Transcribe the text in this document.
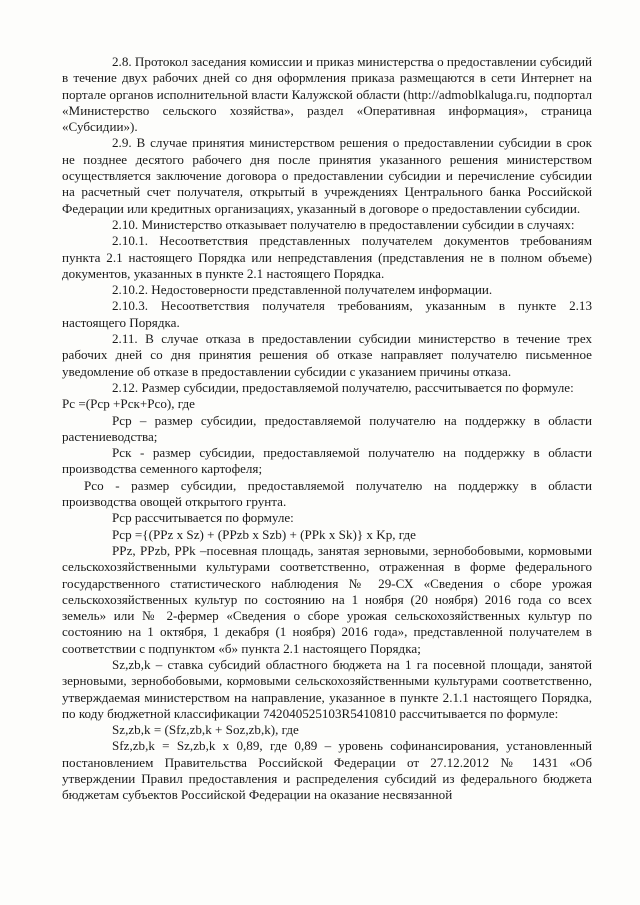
2.8. Протокол заседания комиссии и приказ министерства о предоставлении субсидий в течение двух рабочих дней со дня оформления приказа размещаются в сети Интернет на портале органов исполнительной власти Калужской области (http://admoblkaluga.ru, подпортал «Министерство сельского хозяйства», раздел «Оперативная информация», страница «Субсидии»).

2.9. В случае принятия министерством решения о предоставлении субсидии в срок не позднее десятого рабочего дня после принятия указанного решения министерством осуществляется заключение договора о предоставлении субсидии и перечисление субсидии на расчетный счет получателя, открытый в учреждениях Центрального банка Российской Федерации или кредитных организациях, указанный в договоре о предоставлении субсидии.

2.10. Министерство отказывает получателю в предоставлении субсидии в случаях:

2.10.1. Несоответствия представленных получателем документов требованиям пункта 2.1 настоящего Порядка или непредставления (представления не в полном объеме) документов, указанных в пункте 2.1 настоящего Порядка.

2.10.2. Недостоверности представленной получателем информации.

2.10.3. Несоответствия получателя требованиям, указанным в пункте 2.13 настоящего Порядка.

2.11. В случае отказа в предоставлении субсидии министерство в течение трех рабочих дней со дня принятия решения об отказе направляет получателю письменное уведомление об отказе в предоставлении субсидии с указанием причины отказа.

2.12. Размер субсидии, предоставляемой получателю, рассчитывается по формуле:

Рс =(Рср +Рск+Рсо), где

Рср – размер субсидии, предоставляемой получателю на поддержку в области растениеводства;

Рск - размер субсидии, предоставляемой получателю на поддержку в области производства семенного картофеля;

Рсо - размер субсидии, предоставляемой получателю на поддержку в области производства овощей открытого грунта.

Рср рассчитывается по формуле:

Рср ={(PPz x Sz) + (PPzb x Szb) + (PPk x Sk)} x Kp, где

PPz, PPzb, PPk –посевная площадь, занятая зерновыми, зернобобовыми, кормовыми сельскохозяйственными культурами соответственно, отраженная в форме федерального государственного статистического наблюдения № 29-СХ «Сведения о сборе урожая сельскохозяйственных культур по состоянию на 1 ноября (20 ноября) 2016 года со всех земель» или № 2-фермер «Сведения о сборе урожая сельскохозяйственных культур по состоянию на 1 октября, 1 декабря (1 ноября) 2016 года», представленной получателем в соответствии с подпунктом «б» пункта 2.1 настоящего Порядка;

Sz,zb,k – ставка субсидий областного бюджета на 1 га посевной площади, занятой зерновыми, зернобобовыми, кормовыми сельскохозяйственными культурами соответственно, утверждаемая министерством на направление, указанное в пункте 2.1.1 настоящего Порядка, по коду бюджетной классификации 742040525103R5410810 рассчитывается по формуле:

Sz,zb,k = (Sfz,zb,k + Soz,zb,k), где

Sfz,zb,k = Sz,zb,k x 0,89, где 0,89 – уровень софинансирования, установленный постановлением Правительства Российской Федерации от 27.12.2012 № 1431 «Об утверждении Правил предоставления и распределения субсидий из федерального бюджета бюджетам субъектов Российской Федерации на оказание несвязанной
